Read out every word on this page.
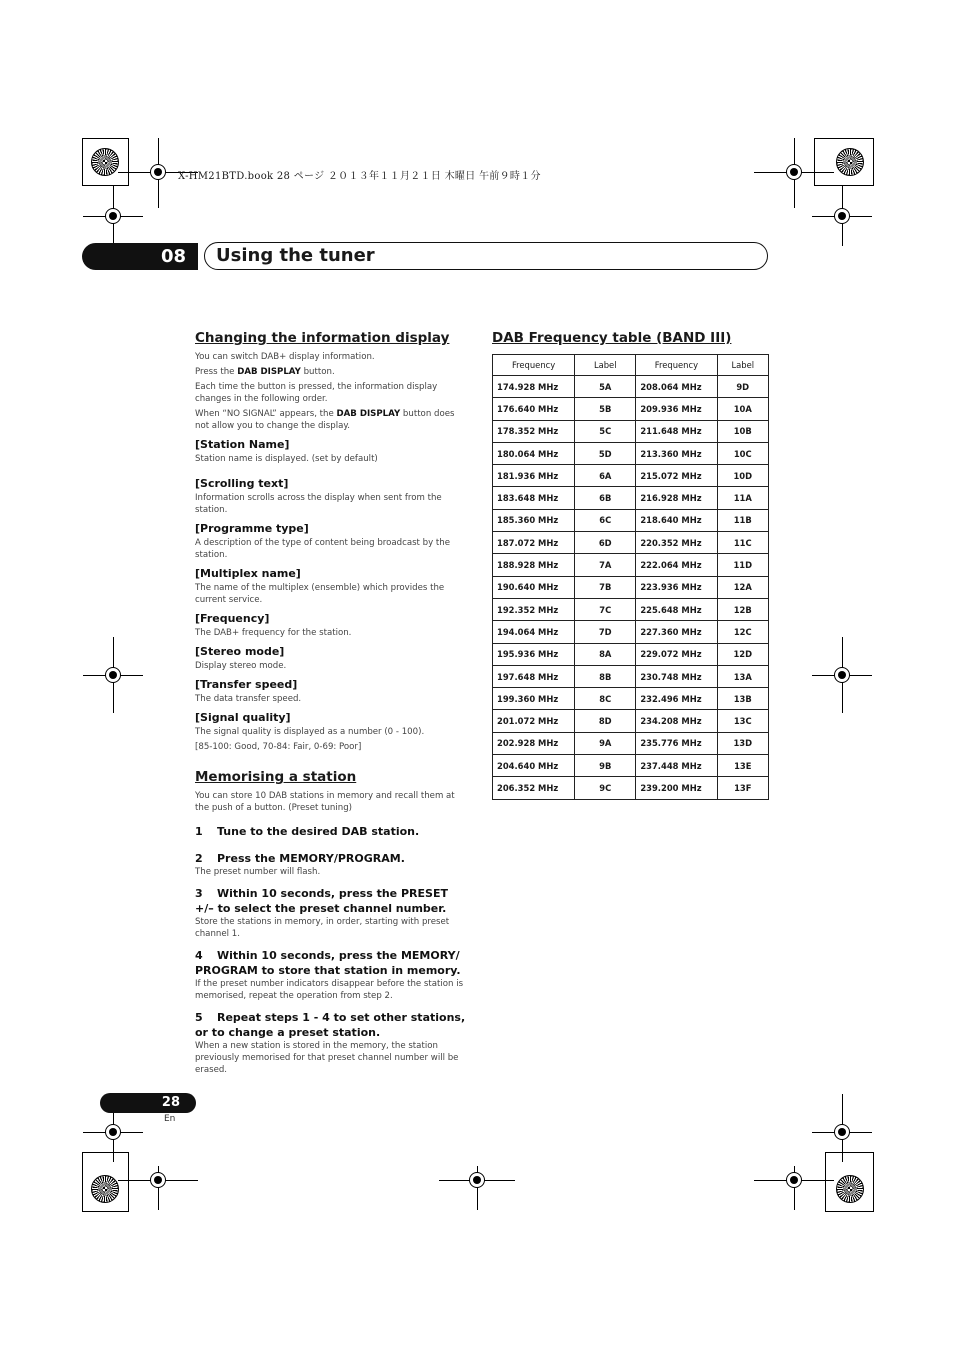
X-HM21BTD.book 28 ページ ２０１３年１１月２１日 木曜日 午前９時１分
08	Using the tuner
Changing the information display
You can switch DAB+ display information.
Press the DAB DISPLAY button.
Each time the button is pressed, the information display changes in the following order.
When “NO SIGNAL” appears, the DAB DISPLAY button does not allow you to change the display.
[Station Name]
Station name is displayed. (set by default)
[Scrolling text]
Information scrolls across the display when sent from the station.
[Programme type]
A description of the type of content being broadcast by the station.
[Multiplex name]
The name of the multiplex (ensemble) which provides the current service.
[Frequency]
The DAB+ frequency for the station.
[Stereo mode]
Display stereo mode.
[Transfer speed]
The data transfer speed.
[Signal quality]
The signal quality is displayed as a number (0 - 100).
[85-100: Good, 70-84: Fair, 0-69: Poor]
Memorising a station
You can store 10 DAB stations in memory and recall them at the push of a button. (Preset tuning)
1 Tune to the desired DAB station.
2 Press the MEMORY/PROGRAM.
The preset number will flash.
3 Within 10 seconds, press the PRESET +/– to select the preset channel number.
Store the stations in memory, in order, starting with preset channel 1.
4 Within 10 seconds, press the MEMORY/ PROGRAM to store that station in memory.
If the preset number indicators disappear before the station is memorised, repeat the operation from step 2.
5 Repeat steps 1 - 4 to set other stations, or to change a preset station.
When a new station is stored in the memory, the station previously memorised for that preset channel number will be erased.
DAB Frequency table (BAND III)
Frequency	Label	Frequency	Label
174.928 MHz	5A	208.064 MHz	9D
176.640 MHz	5B	209.936 MHz	10A
178.352 MHz	5C	211.648 MHz	10B
180.064 MHz	5D	213.360 MHz	10C
181.936 MHz	6A	215.072 MHz	10D
183.648 MHz	6B	216.928 MHz	11A
185.360 MHz	6C	218.640 MHz	11B
187.072 MHz	6D	220.352 MHz	11C
188.928 MHz	7A	222.064 MHz	11D
190.640 MHz	7B	223.936 MHz	12A
192.352 MHz	7C	225.648 MHz	12B
194.064 MHz	7D	227.360 MHz	12C
195.936 MHz	8A	229.072 MHz	12D
197.648 MHz	8B	230.748 MHz	13A
199.360 MHz	8C	232.496 MHz	13B
201.072 MHz	8D	234.208 MHz	13C
202.928 MHz	9A	235.776 MHz	13D
204.640 MHz	9B	237.448 MHz	13E
206.352 MHz	9C	239.200 MHz	13F
28
En
